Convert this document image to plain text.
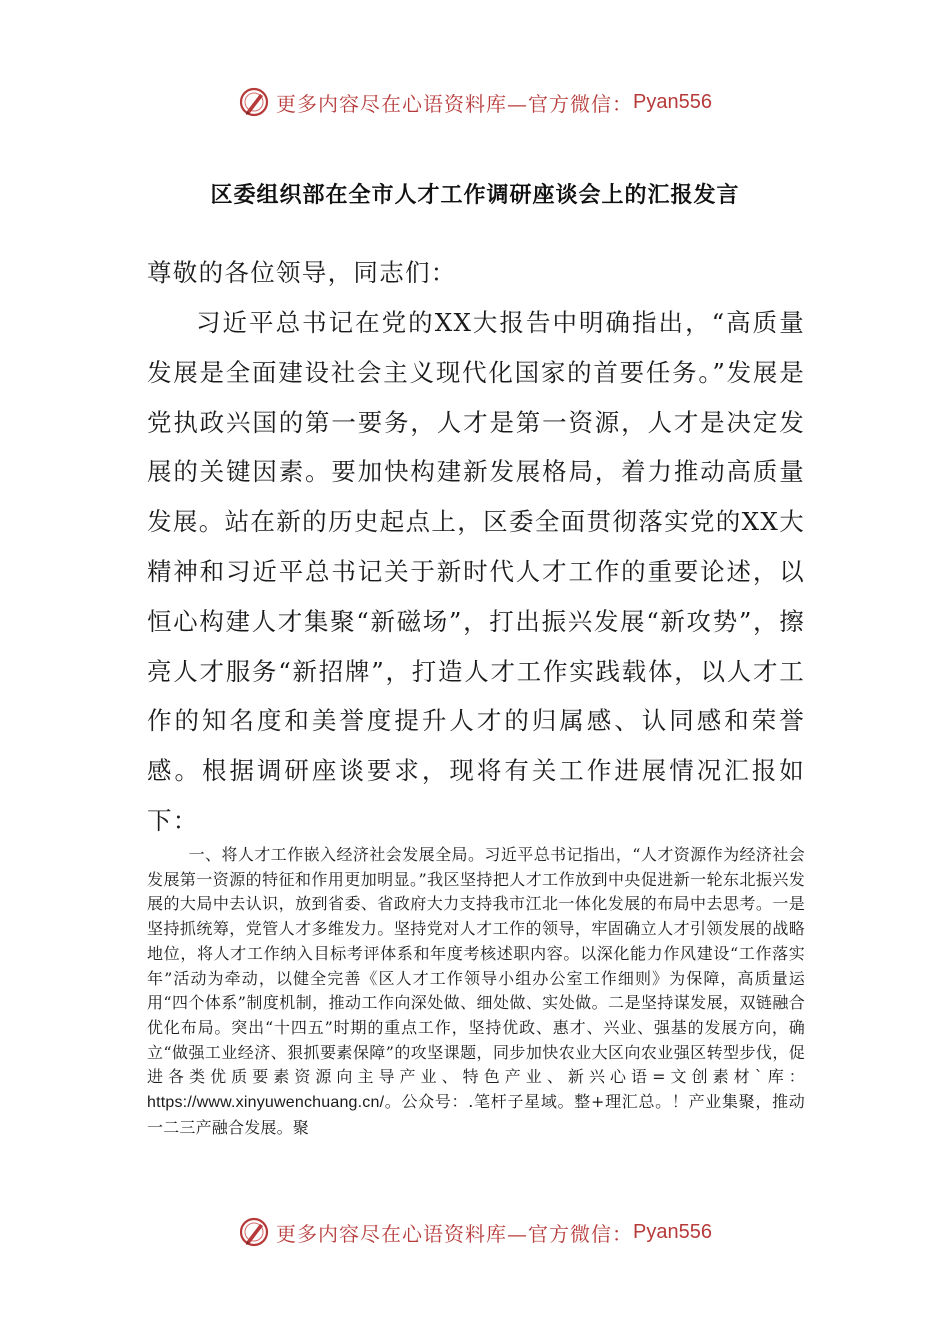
更多内容尽在心语资料库—官方微信： Pyan556
区委组织部在全市人才工作调研座谈会上的汇报发言

尊敬的各位领导，同志们：

习近平总书记在党的XX大报告中明确指出，“高质量发展是全面建设社会主义现代化国家的首要任务。”发展是党执政兴国的第一要务，人才是第一资源，人才是决定发展的关键因素。要加快构建新发展格局，着力推动高质量发展。站在新的历史起点上，区委全面贯彻落实党的XX大精神和习近平总书记关于新时代人才工作的重要论述，以恒心构建人才集聚“新磁场”，打出振兴发展“新攻势”，擦亮人才服务“新招牌”，打造人才工作实践载体，以人才工作的知名度和美誉度提升人才的归属感、认同感和荣誉感。根据调研座谈要求，现将有关工作进展情况汇报如下：

一、将人才工作嵌入经济社会发展全局。习近平总书记指出，“人才资源作为经济社会发展第一资源的特征和作用更加明显。”我区坚持把人才工作放到中央促进新一轮东北振兴发展的大局中去认识，放到省委、省政府大力支持我市江北一体化发展的布局中去思考。一是坚持抓统筹，党管人才多维发力。坚持党对人才工作的领导，牢固确立人才引领发展的战略地位，将人才工作纳入目标考评体系和年度考核述职内容。以深化能力作风建设“工作落实年”活动为牵动，以健全完善《区人才工作领导小组办公室工作细则》为保障，高质量运用“四个体系”制度机制，推动工作向深处做、细处做、实处做。二是坚持谋发展，双链融合优化布局。突出“十四五”时期的重点工作，坚持优政、惠才、兴业、强基的发展方向，确立“做强工业经济、狠抓要素保障”的攻坚课题，同步加快农业大区向农业强区转型步伐，促进各类优质要素资源向主导产业、特色产业、新兴心语=文创素材`库：https://www.xinyuwenchuang.cn/。公众号：.笔杆子星域。整+理汇总。！产业集聚，推动一二三产融合发展。聚

更多内容尽在心语资料库—官方微信： Pyan556
